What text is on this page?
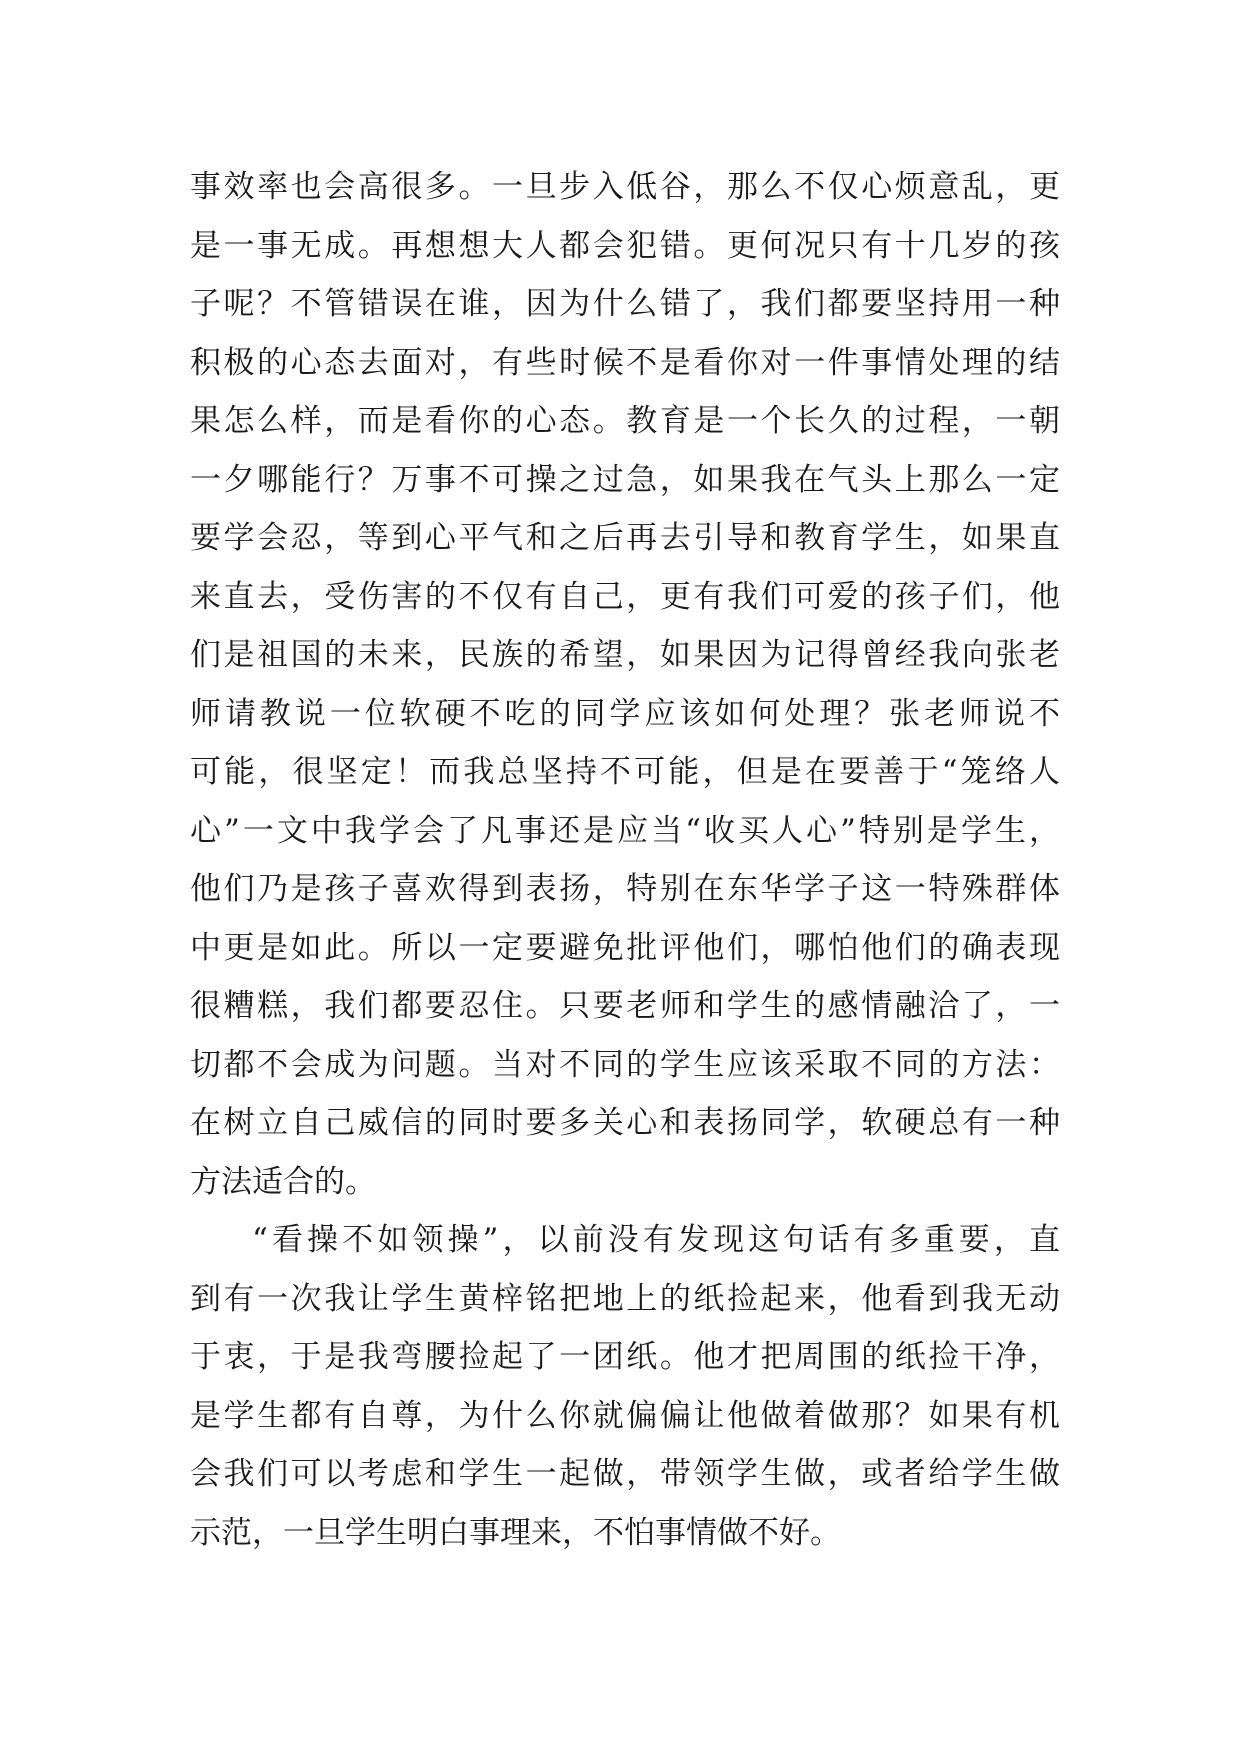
事效率也会高很多。一旦步入低谷，那么不仅心烦意乱，更
是一事无成。再想想大人都会犯错。更何况只有十几岁的孩
子呢？不管错误在谁，因为什么错了，我们都要坚持用一种
积极的心态去面对，有些时候不是看你对一件事情处理的结
果怎么样，而是看你的心态。教育是一个长久的过程，一朝
一夕哪能行？万事不可操之过急，如果我在气头上那么一定
要学会忍，等到心平气和之后再去引导和教育学生，如果直
来直去，受伤害的不仅有自己，更有我们可爱的孩子们，他
们是祖国的未来，民族的希望，如果因为记得曾经我向张老
师请教说一位软硬不吃的同学应该如何处理？张老师说不
可能，很坚定！而我总坚持不可能，但是在要善于“笼络人
心”一文中我学会了凡事还是应当“收买人心”特别是学生，
他们乃是孩子喜欢得到表扬，特别在东华学子这一特殊群体
中更是如此。所以一定要避免批评他们，哪怕他们的确表现
很糟糕，我们都要忍住。只要老师和学生的感情融洽了，一
切都不会成为问题。当对不同的学生应该采取不同的方法：
在树立自己威信的同时要多关心和表扬同学，软硬总有一种
方法适合的。
“看操不如领操”，以前没有发现这句话有多重要，直
到有一次我让学生黄梓铭把地上的纸捡起来，他看到我无动
于衷，于是我弯腰捡起了一团纸。他才把周围的纸捡干净，
是学生都有自尊，为什么你就偏偏让他做着做那？如果有机
会我们可以考虑和学生一起做，带领学生做，或者给学生做
示范，一旦学生明白事理来，不怕事情做不好。
